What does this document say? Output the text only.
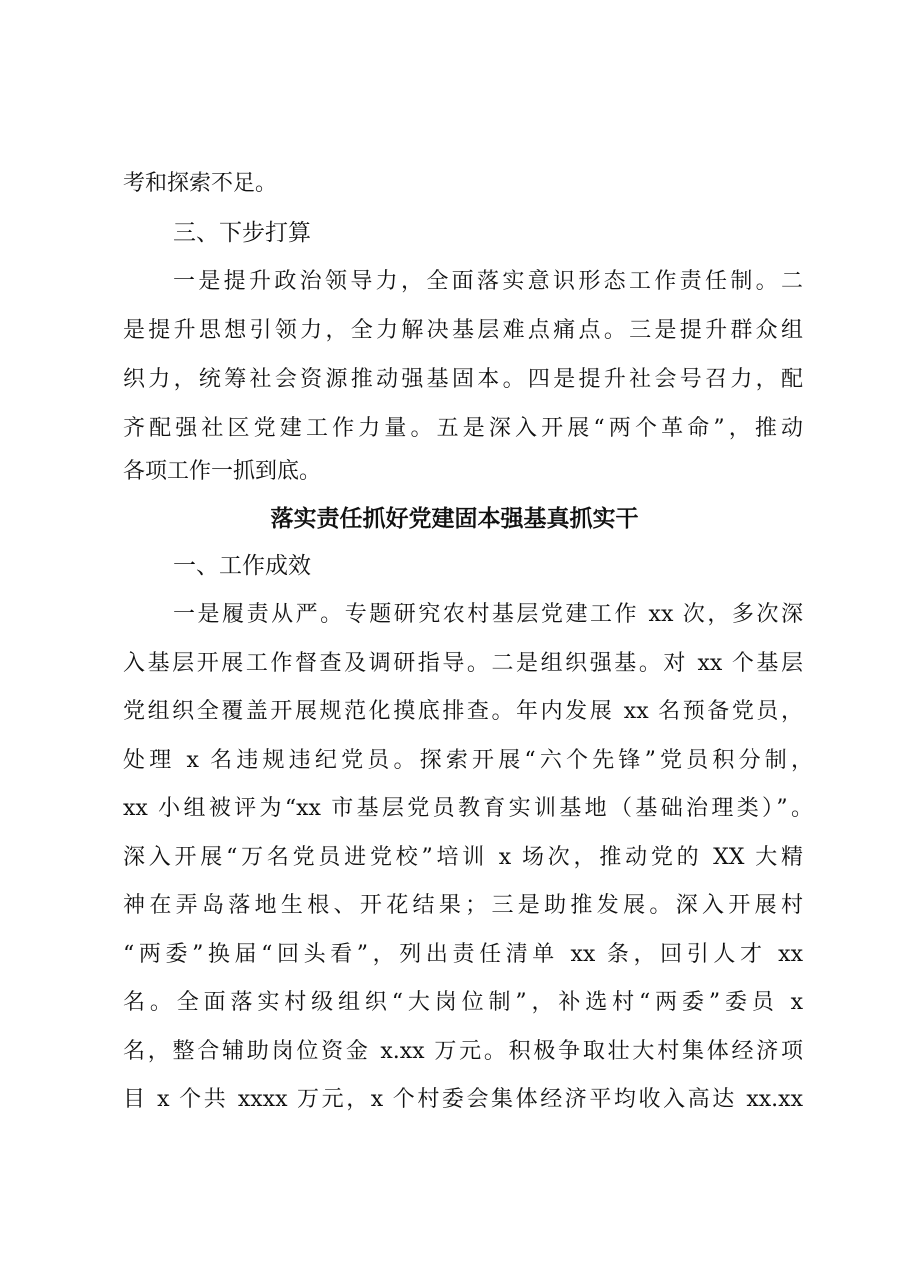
考和探索不足。
三、下步打算
一是提升政治领导力，全面落实意识形态工作责任制。二
是提升思想引领力，全力解决基层难点痛点。三是提升群众组
织力，统筹社会资源推动强基固本。四是提升社会号召力，配
齐配强社区党建工作力量。五是深入开展“两个革命”，推动
各项工作一抓到底。
落实责任抓好党建固本强基真抓实干
一、工作成效
一是履责从严。专题研究农村基层党建工作 xx 次，多次深
入基层开展工作督查及调研指导。二是组织强基。对 xx 个基层
党组织全覆盖开展规范化摸底排查。年内发展 xx 名预备党员，
处理 x 名违规违纪党员。探索开展“六个先锋”党员积分制，
xx 小组被评为“xx 市基层党员教育实训基地（基础治理类）”。
深入开展“万名党员进党校”培训 x 场次，推动党的 XX 大精
神在弄岛落地生根、开花结果；三是助推发展。深入开展村
“两委”换届“回头看”，列出责任清单 xx 条，回引人才 xx
名。全面落实村级组织“大岗位制”，补选村“两委”委员 x
名，整合辅助岗位资金 x.xx 万元。积极争取壮大村集体经济项
目 x 个共 xxxx 万元，x 个村委会集体经济平均收入高达 xx.xx
